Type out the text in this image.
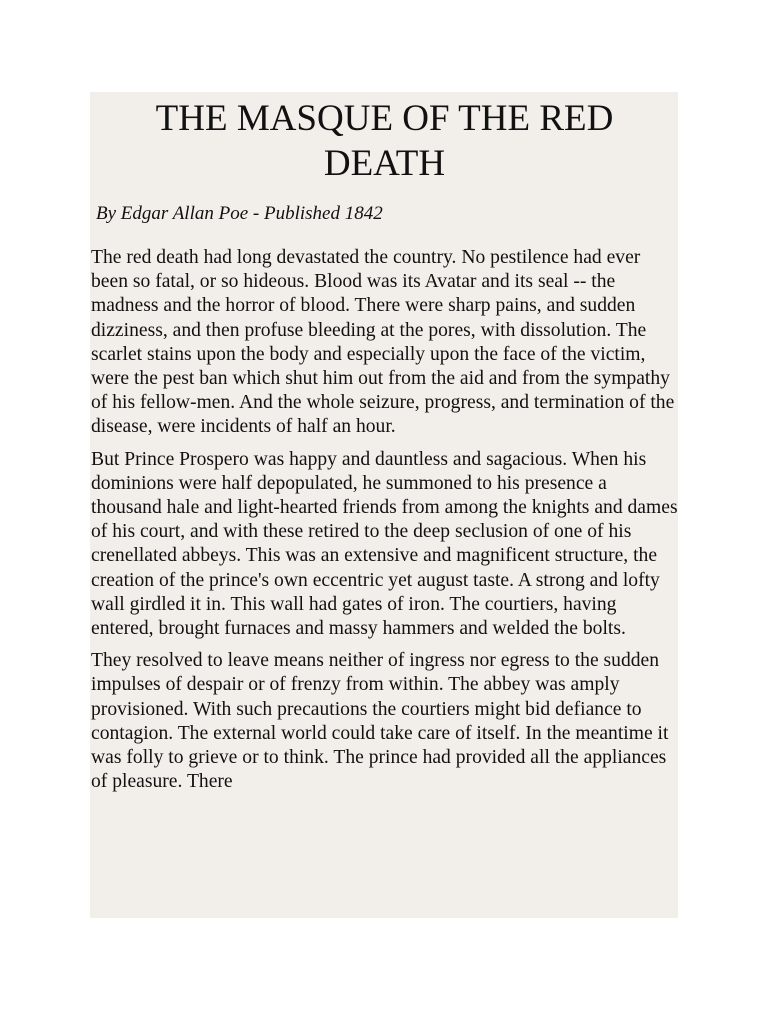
THE MASQUE OF THE RED DEATH

By Edgar Allan Poe - Published 1842

The red death had long devastated the country. No pestilence had ever been so fatal, or so hideous. Blood was its Avatar and its seal -- the madness and the horror of blood. There were sharp pains, and sudden dizziness, and then profuse bleeding at the pores, with dissolution. The scarlet stains upon the body and especially upon the face of the victim, were the pest ban which shut him out from the aid and from the sympathy of his fellow-men. And the whole seizure, progress, and termination of the disease, were incidents of half an hour.

But Prince Prospero was happy and dauntless and sagacious. When his dominions were half depopulated, he summoned to his presence a thousand hale and light-hearted friends from among the knights and dames of his court, and with these retired to the deep seclusion of one of his crenellated abbeys. This was an extensive and magnificent structure, the creation of the prince's own eccentric yet august taste. A strong and lofty wall girdled it in. This wall had gates of iron. The courtiers, having entered, brought furnaces and massy hammers and welded the bolts.

They resolved to leave means neither of ingress nor egress to the sudden impulses of despair or of frenzy from within. The abbey was amply provisioned. With such precautions the courtiers might bid defiance to contagion. The external world could take care of itself. In the meantime it was folly to grieve or to think. The prince had provided all the appliances of pleasure. There
